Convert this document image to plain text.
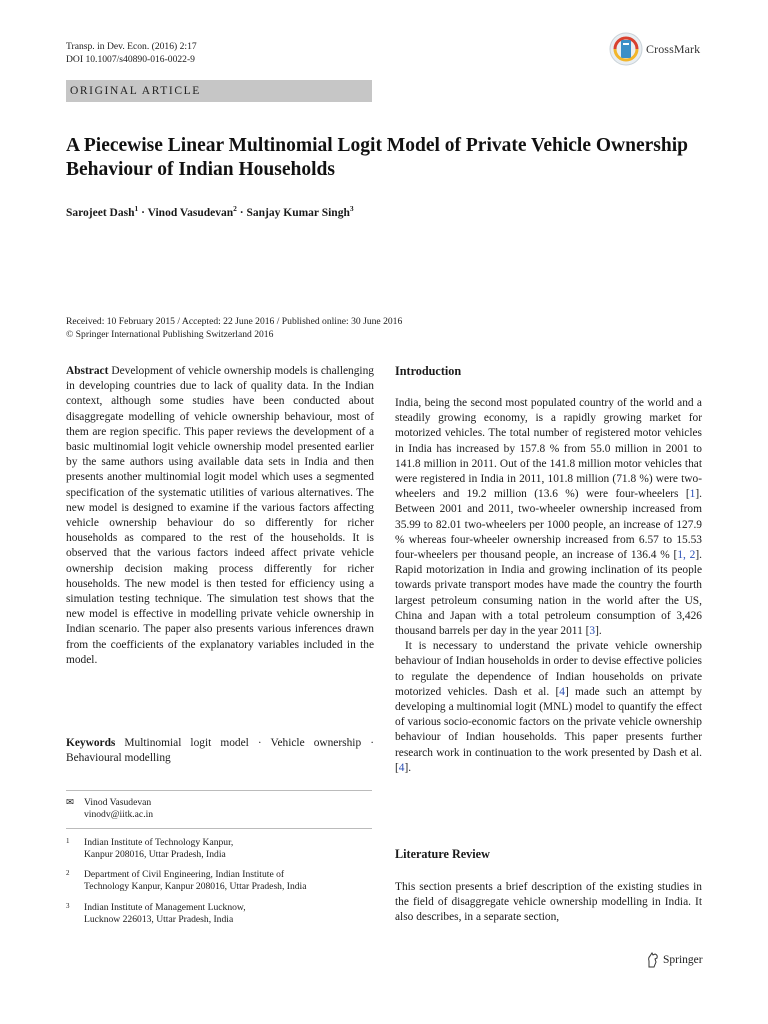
Transp. in Dev. Econ. (2016) 2:17
DOI 10.1007/s40890-016-0022-9
CrossMark
ORIGINAL ARTICLE
A Piecewise Linear Multinomial Logit Model of Private Vehicle Ownership Behaviour of Indian Households
Sarojeet Dash$^1$ · Vinod Vasudevan$^2$ · Sanjay Kumar Singh$^3$
Received: 10 February 2015 / Accepted: 22 June 2016 / Published online: 30 June 2016
© Springer International Publishing Switzerland 2016

Abstract Development of vehicle ownership models is challenging in developing countries due to lack of quality data. In the Indian context, although some studies have been conducted about disaggregate modelling of vehicle ownership behaviour, most of them are region specific. This paper reviews the development of a basic multinomial logit vehicle ownership model presented earlier by the same authors using available data sets in India and then presents another multinomial logit model which uses a segmented specification of the systematic utilities of various alternatives. The new model is designed to examine if the various factors affecting vehicle ownership behaviour do so differently for richer households as compared to the rest of the households. It is observed that the various factors indeed affect private vehicle ownership decision making process differently for richer households. The new model is then tested for efficiency using a simulation testing technique. The simulation test shows that the new model is effective in modelling private vehicle ownership in Indian scenario. The paper also presents various inferences drawn from the coefficients of the explanatory variables included in the model.

Keywords Multinomial logit model · Vehicle ownership · Behavioural modelling
✉ Vinod Vasudevan
vinodv@iitk.ac.in
1 Indian Institute of Technology Kanpur,
Kanpur 208016, Uttar Pradesh, India
2 Department of Civil Engineering, Indian Institute of
Technology Kanpur, Kanpur 208016, Uttar Pradesh, India
3 Indian Institute of Management Lucknow,
Lucknow 226013, Uttar Pradesh, India
Introduction

India, being the second most populated country of the world and a steadily growing economy, is a rapidly growing market for motorized vehicles. The total number of registered motor vehicles in India has increased by 157.8 % from 55.0 million in 2001 to 141.8 million in 2011. Out of the 141.8 million motor vehicles that were registered in India in 2011, 101.8 million (71.8 %) were two-wheelers and 19.2 million (13.6 %) were four-wheelers [1]. Between 2001 and 2011, two-wheeler ownership increased from 35.99 to 82.01 two-wheelers per 1000 people, an increase of 127.9 % whereas four-wheeler ownership increased from 6.57 to 15.53 four-wheelers per thousand people, an increase of 136.4 % [1, 2]. Rapid motorization in India and growing inclination of its people towards private transport modes have made the country the fourth largest petroleum consuming nation in the world after the US, China and Japan with a total petroleum consumption of 3,426 thousand barrels per day in the year 2011 [3].

It is necessary to understand the private vehicle ownership behaviour of Indian households in order to devise effective policies to regulate the dependence of Indian households on private motorized vehicles. Dash et al. [4] made such an attempt by developing a multinomial logit (MNL) model to quantify the effect of various socio-economic factors on the private vehicle ownership behaviour of Indian households. This paper presents further research work in continuation to the work presented by Dash et al. [4].

Literature Review

This section presents a brief description of the existing studies in the field of disaggregate vehicle ownership modelling in India. It also describes, in a separate section,

Springer
